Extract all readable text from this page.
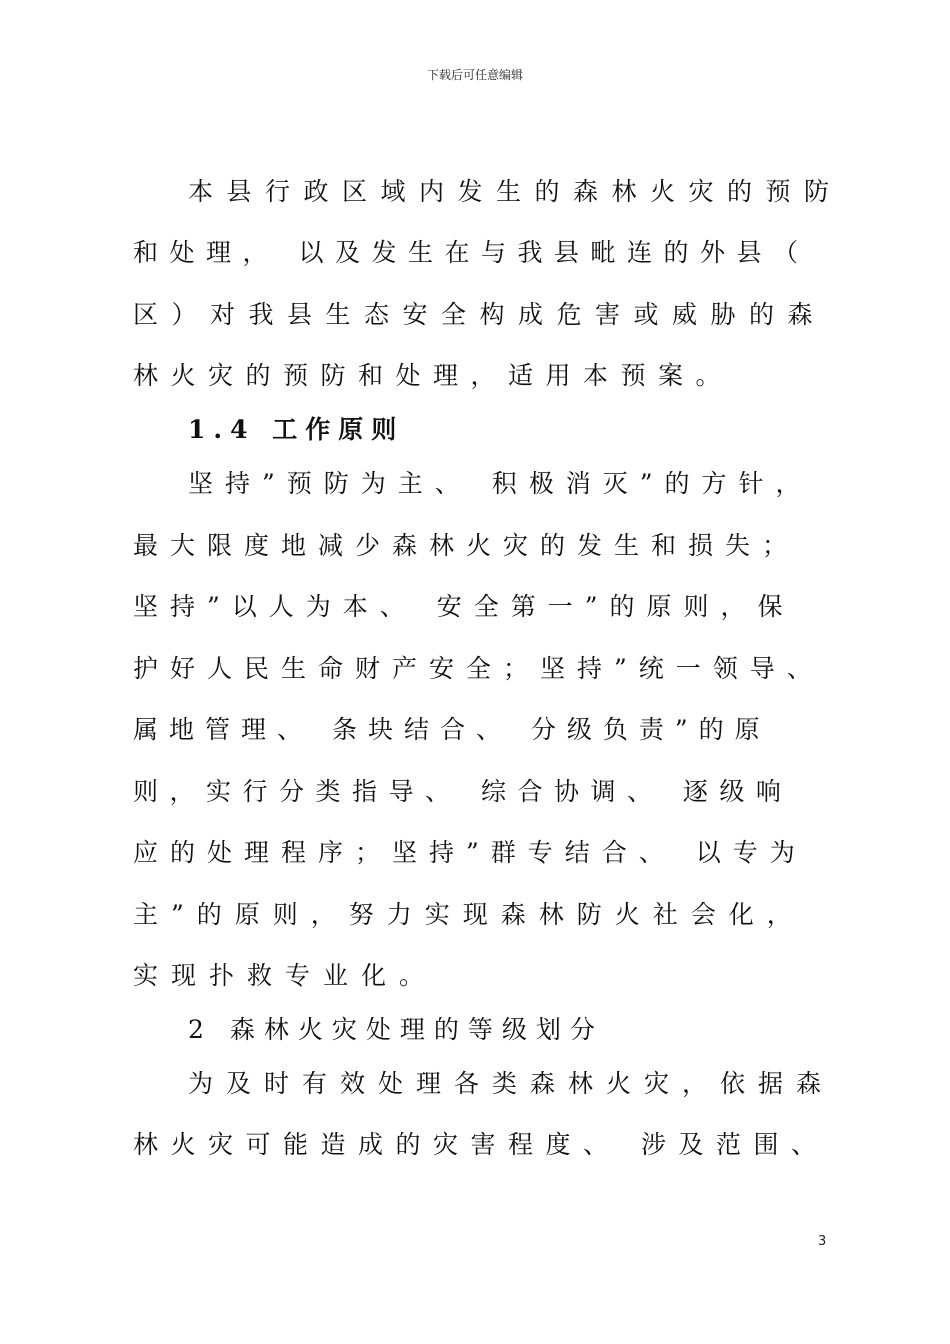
下载后可任意编辑
本县行政区域内发生的森林火灾的预防
和处理， 以及发生在与我县毗连的外县（
区）对我县生态安全构成危害或威胁的森
林火灾的预防和处理，适用本预案。
1.4 工作原则
坚持”预防为主、 积极消灭”的方针，
最大限度地减少森林火灾的发生和损失；
坚持”以人为本、 安全第一”的原则，保
护好人民生命财产安全；坚持”统一领导、
属地管理、 条块结合、 分级负责”的原
则，实行分类指导、 综合协调、 逐级响
应的处理程序；坚持”群专结合、 以专为
主”的原则，努力实现森林防火社会化，
实现扑救专业化。
2 森林火灾处理的等级划分
为及时有效处理各类森林火灾，依据森
林火灾可能造成的灾害程度、 涉及范围、
3
